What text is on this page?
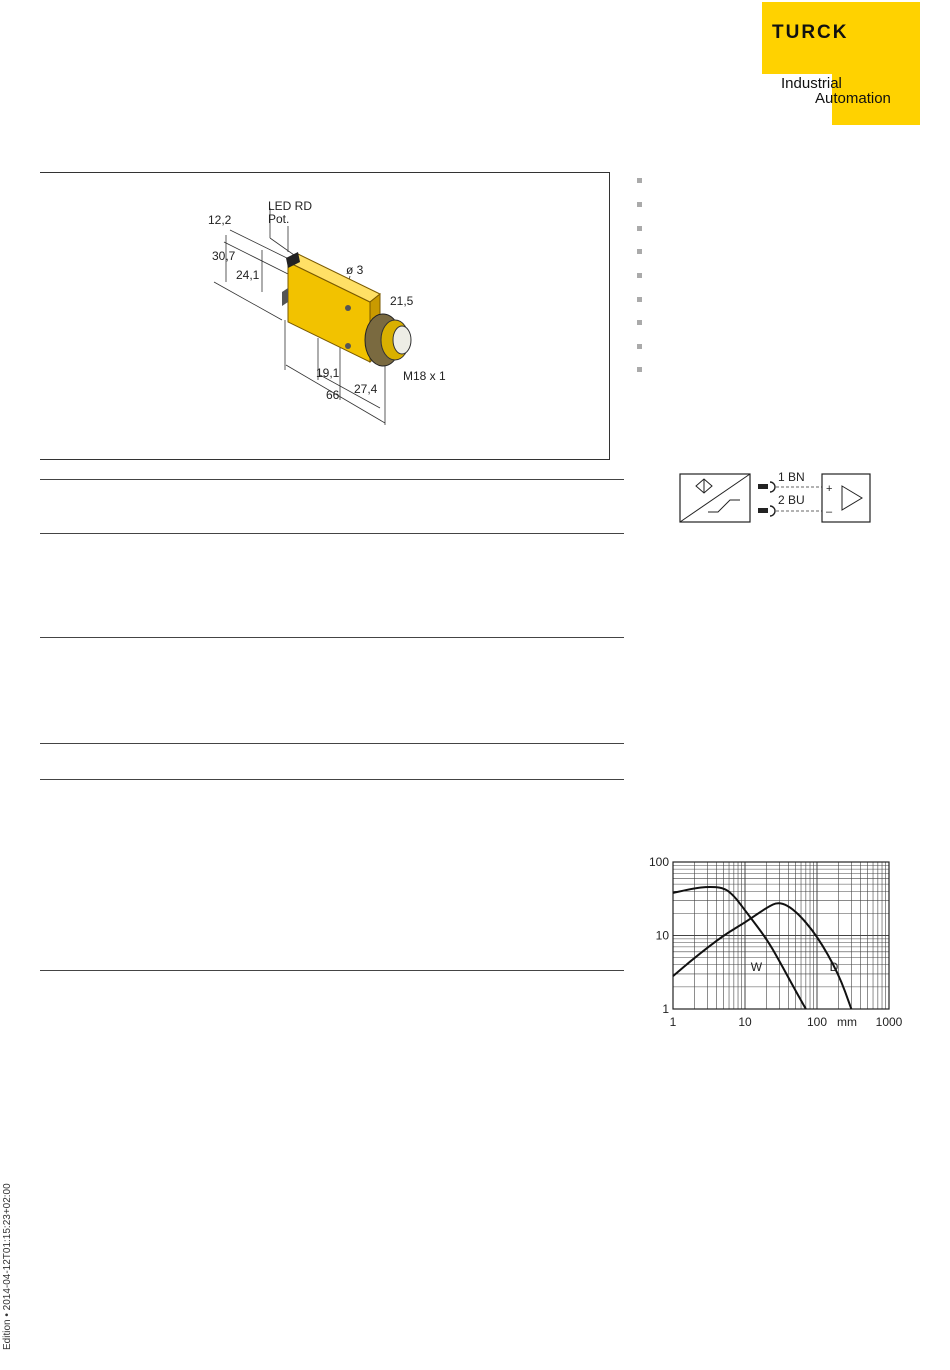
TURCK
Industrial
Automation
LED RD
Pot.
12,2
30,7
24,1	ø 3
21,5
19,1
27,4
66
M18 x 1
1 BN
2 BU
+
–
100
10
1
1	10	100	1000
mm
W	D
Edition • 2014-04-12T01:15:23+02:00
